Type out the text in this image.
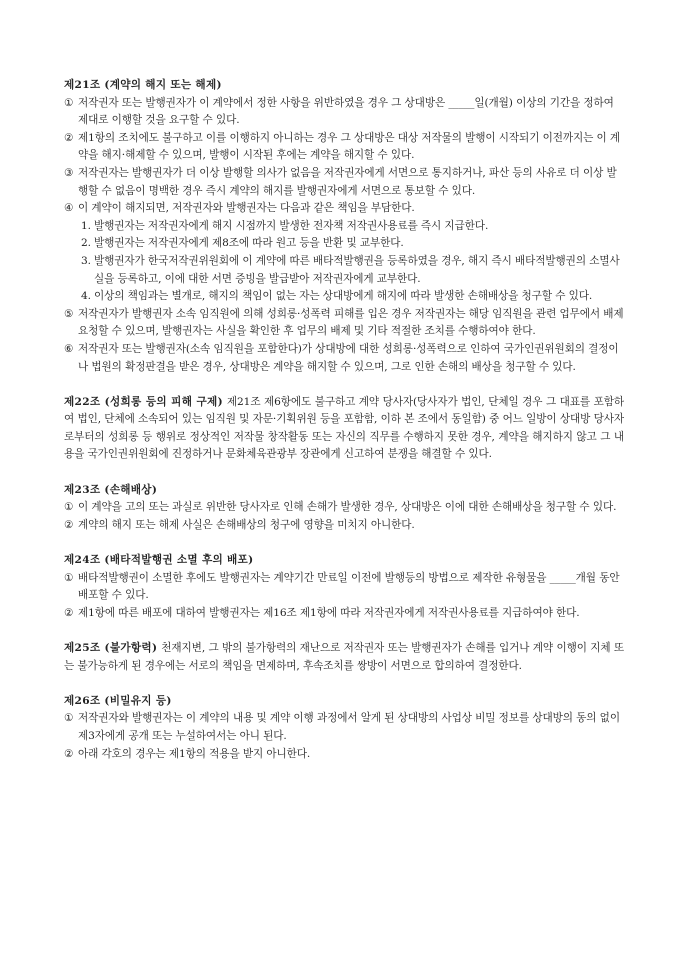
제21조 (계약의 해지 또는 해제)
① 저작권자 또는 발행권자가 이 계약에서 정한 사항을 위반하였을 경우 그 상대방은 _____일(개월) 이상의 기간을 정하여 제대로 이행할 것을 요구할 수 있다.
② 제1항의 조치에도 불구하고 이를 이행하지 아니하는 경우 그 상대방은 대상 저작물의 발행이 시작되기 이전까지는 이 계약을 해지·해제할 수 있으며, 발행이 시작된 후에는 계약을 해지할 수 있다.
③ 저작권자는 발행권자가 더 이상 발행할 의사가 없음을 저작권자에게 서면으로 통지하거나, 파산 등의 사유로 더 이상 발행할 수 없음이 명백한 경우 즉시 계약의 해지를 발행권자에게 서면으로 통보할 수 있다.
④ 이 계약이 해지되면, 저작권자와 발행권자는 다음과 같은 책임을 부담한다.
1. 발행권자는 저작권자에게 해지 시점까지 발생한 전자책 저작권사용료를 즉시 지급한다.
2. 발행권자는 저작권자에게 제8조에 따라 원고 등을 반환 및 교부한다.
3. 발행권자가 한국저작권위원회에 이 계약에 따른 배타적발행권을 등록하였을 경우, 해지 즉시 배타적발행권의 소멸사실을 등록하고, 이에 대한 서면 증빙을 발급받아 저작권자에게 교부한다.
4. 이상의 책임과는 별개로, 해지의 책임이 없는 자는 상대방에게 해지에 따라 발생한 손해배상을 청구할 수 있다.
⑤ 저작권자가 발행권자 소속 임직원에 의해 성희롱·성폭력 피해를 입은 경우 저작권자는 해당 임직원을 관련 업무에서 배제 요청할 수 있으며, 발행권자는 사실을 확인한 후 업무의 배제 및 기타 적절한 조치를 수행하여야 한다.
⑥ 저작권자 또는 발행권자(소속 임직원을 포함한다)가 상대방에 대한 성희롱·성폭력으로 인하여 국가인권위원회의 결정이나 법원의 확정판결을 받은 경우, 상대방은 계약을 해지할 수 있으며, 그로 인한 손해의 배상을 청구할 수 있다.
제22조 (성희롱 등의 피해 구제) 제21조 제6항에도 불구하고 계약 당사자(당사자가 법인, 단체일 경우 그 대표를 포함하여 법인, 단체에 소속되어 있는 임직원 및 자문·기획위원 등을 포함함, 이하 본 조에서 동일함) 중 어느 일방이 상대방 당사자로부터의 성희롱 등 행위로 정상적인 저작물 창작활동 또는 자신의 직무를 수행하지 못한 경우, 계약을 해지하지 않고 그 내용을 국가인권위원회에 진정하거나 문화체육관광부 장관에게 신고하여 분쟁을 해결할 수 있다.
제23조 (손해배상)
① 이 계약을 고의 또는 과실로 위반한 당사자로 인해 손해가 발생한 경우, 상대방은 이에 대한 손해배상을 청구할 수 있다.
② 계약의 해지 또는 해제 사실은 손해배상의 청구에 영향을 미치지 아니한다.
제24조 (배타적발행권 소멸 후의 배포)
① 배타적발행권이 소멸한 후에도 발행권자는 계약기간 만료일 이전에 발행등의 방법으로 제작한 유형물을 _____개월 동안 배포할 수 있다.
② 제1항에 따른 배포에 대하여 발행권자는 제16조 제1항에 따라 저작권자에게 저작권사용료를 지급하여야 한다.
제25조 (불가항력) 천재지변, 그 밖의 불가항력의 재난으로 저작권자 또는 발행권자가 손해를 입거나 계약 이행이 지체 또는 불가능하게 된 경우에는 서로의 책임을 면제하며, 후속조치를 쌍방이 서면으로 합의하여 결정한다.
제26조 (비밀유지 등)
① 저작권자와 발행권자는 이 계약의 내용 및 계약 이행 과정에서 알게 된 상대방의 사업상 비밀 정보를 상대방의 동의 없이 제3자에게 공개 또는 누설하여서는 아니 된다.
② 아래 각호의 경우는 제1항의 적용을 받지 아니한다.
